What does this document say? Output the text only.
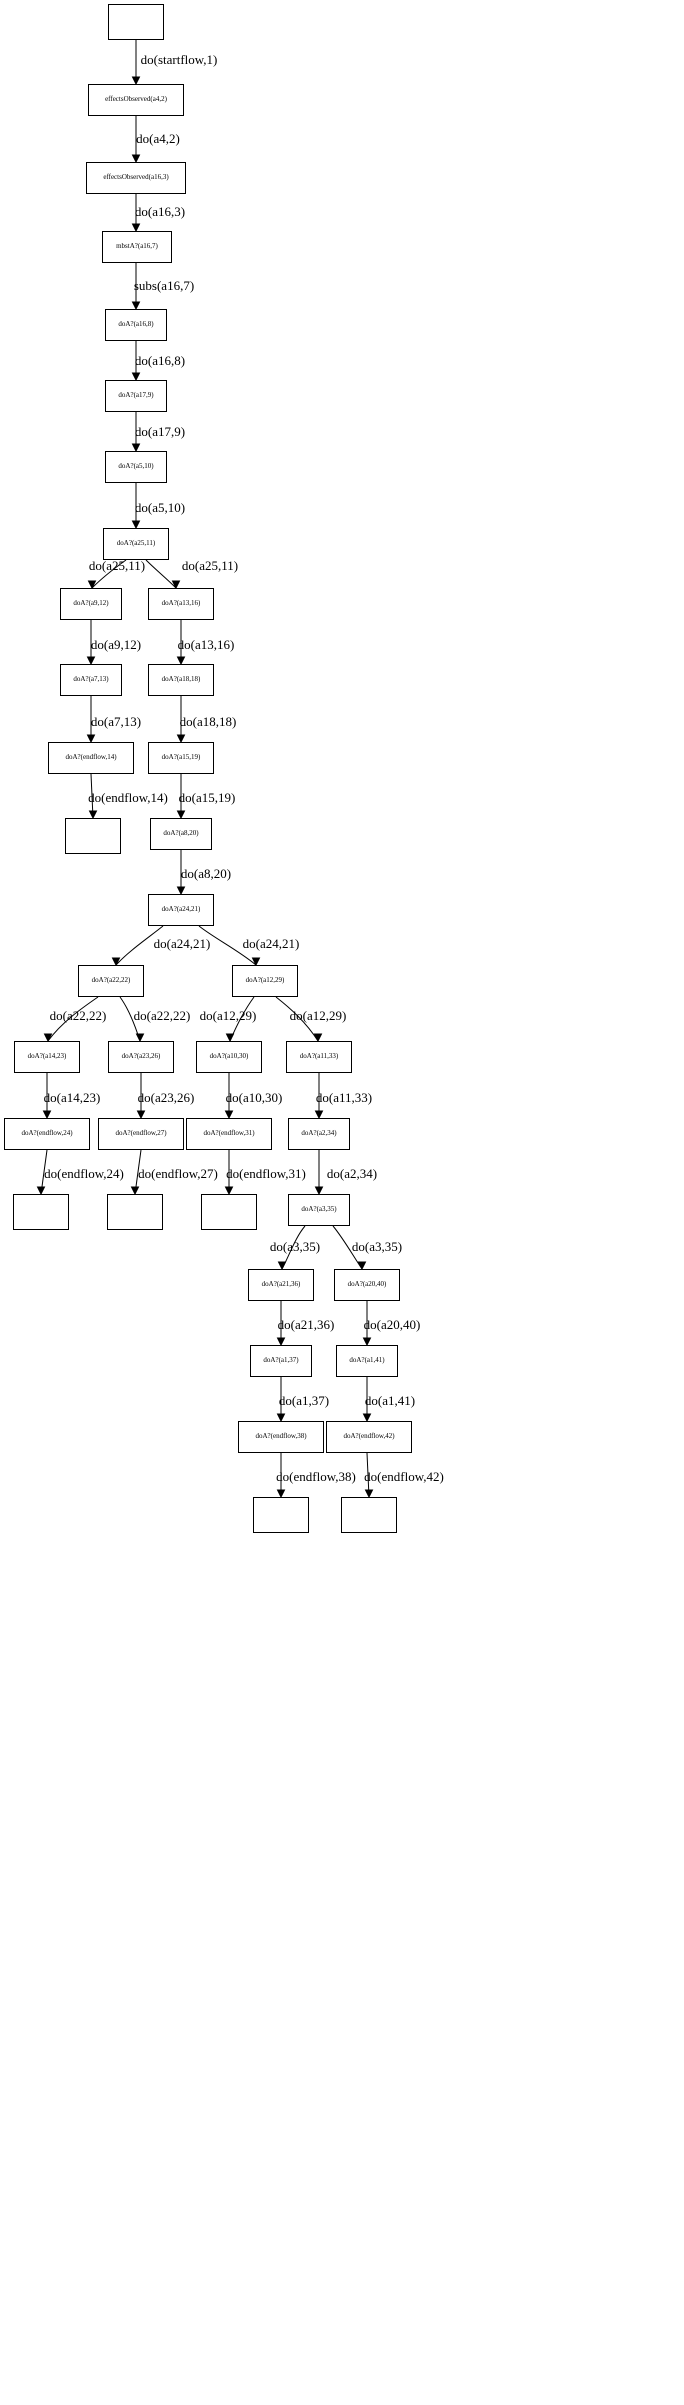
effectsObserved(a4,2)
effectsObserved(a16,3)
mbstA?(a16,7)
doA?(a16,8)
doA?(a17,9)
doA?(a5,10)
doA?(a25,11)
doA?(a9,12)	doA?(a13,16)
doA?(a7,13)	doA?(a18,18)
doA?(endflow,14)	doA?(a15,19)
doA?(a8,20)
doA?(a24,21)
doA?(a22,22)	doA?(a12,29)
doA?(a14,23)	doA?(a23,26)	doA?(a10,30)	doA?(a11,33)
doA?(endflow,24)	doA?(endflow,27)	doA?(endflow,31)	doA?(a2,34)
doA?(a3,35)
doA?(a21,36)	doA?(a20,40)
doA?(a1,37)	doA?(a1,41)
doA?(endflow,38)	doA?(endflow,42)
do(startflow,1)
do(a4,2)
do(a16,3)
subs(a16,7)
do(a16,8)
do(a17,9)
do(a5,10)
do(a25,11)	do(a25,11)
do(a9,12)	do(a13,16)
do(a7,13)	do(a18,18)
do(endflow,14) do(a15,19)
do(a8,20)
do(a24,21) do(a24,21)
do(a22,22) do(a22,22) do(a12,29)	do(a12,29)
do(a14,23)	do(a23,26) do(a10,30)	do(a11,33)
do(endflow,24) do(endflow,27) do(endflow,31) do(a2,34)
do(a3,35) do(a3,35)
do(a21,36) do(a20,40)
do(a1,37)	do(a1,41)
do(endflow,38) do(endflow,42)
